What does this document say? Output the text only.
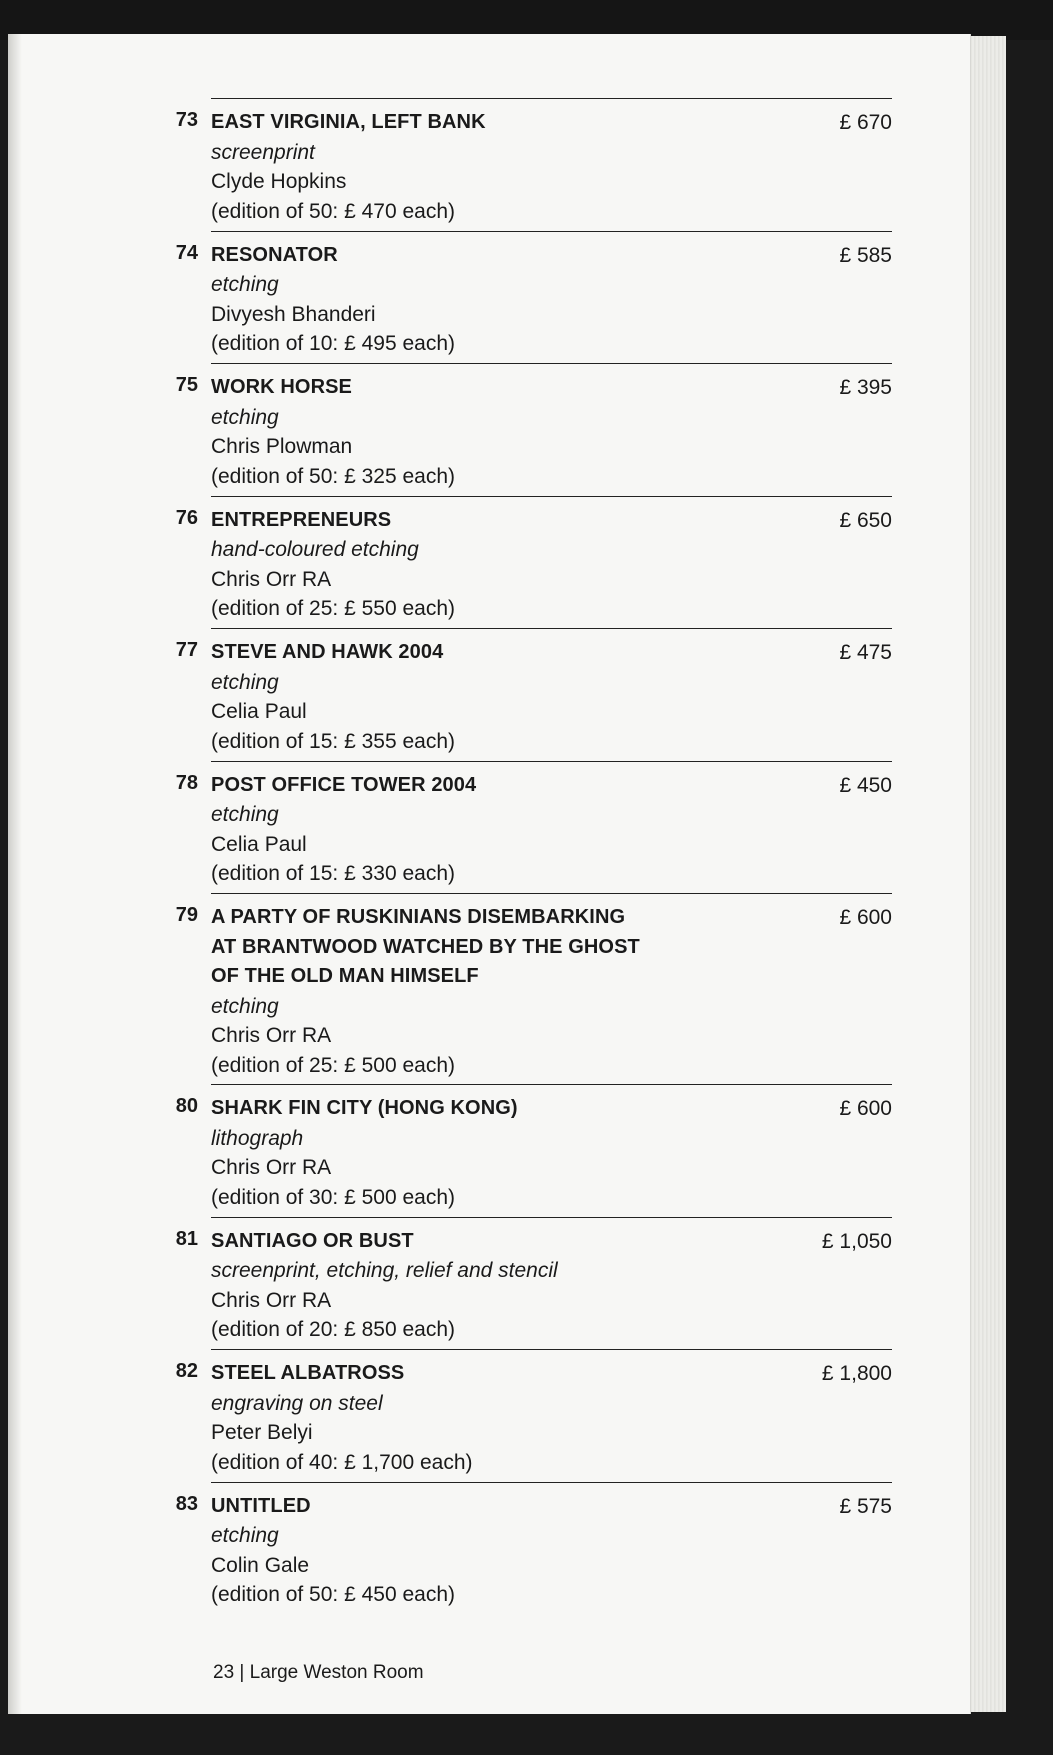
73 EAST VIRGINIA, LEFT BANK
screenprint
Clyde Hopkins
(edition of 50: £ 470 each)
£ 670
74 RESONATOR
etching
Divyesh Bhanderi
(edition of 10: £ 495 each)
£ 585
75 WORK HORSE
etching
Chris Plowman
(edition of 50: £ 325 each)
£ 395
76 ENTREPRENEURS
hand-coloured etching
Chris Orr RA
(edition of 25: £ 550 each)
£ 650
77 STEVE AND HAWK 2004
etching
Celia Paul
(edition of 15: £ 355 each)
£ 475
78 POST OFFICE TOWER 2004
etching
Celia Paul
(edition of 15: £ 330 each)
£ 450
79 A PARTY OF RUSKINIANS DISEMBARKING
AT BRANTWOOD WATCHED BY THE GHOST
OF THE OLD MAN HIMSELF
etching
Chris Orr RA
(edition of 25: £ 500 each)
£ 600
80 SHARK FIN CITY (HONG KONG)
lithograph
Chris Orr RA
(edition of 30: £ 500 each)
£ 600
81 SANTIAGO OR BUST
screenprint, etching, relief and stencil
Chris Orr RA
(edition of 20: £ 850 each)
£ 1,050
82 STEEL ALBATROSS
engraving on steel
Peter Belyi
(edition of 40: £ 1,700 each)
£ 1,800
83 UNTITLED
etching
Colin Gale
(edition of 50: £ 450 each)
£ 575
23 | Large Weston Room
